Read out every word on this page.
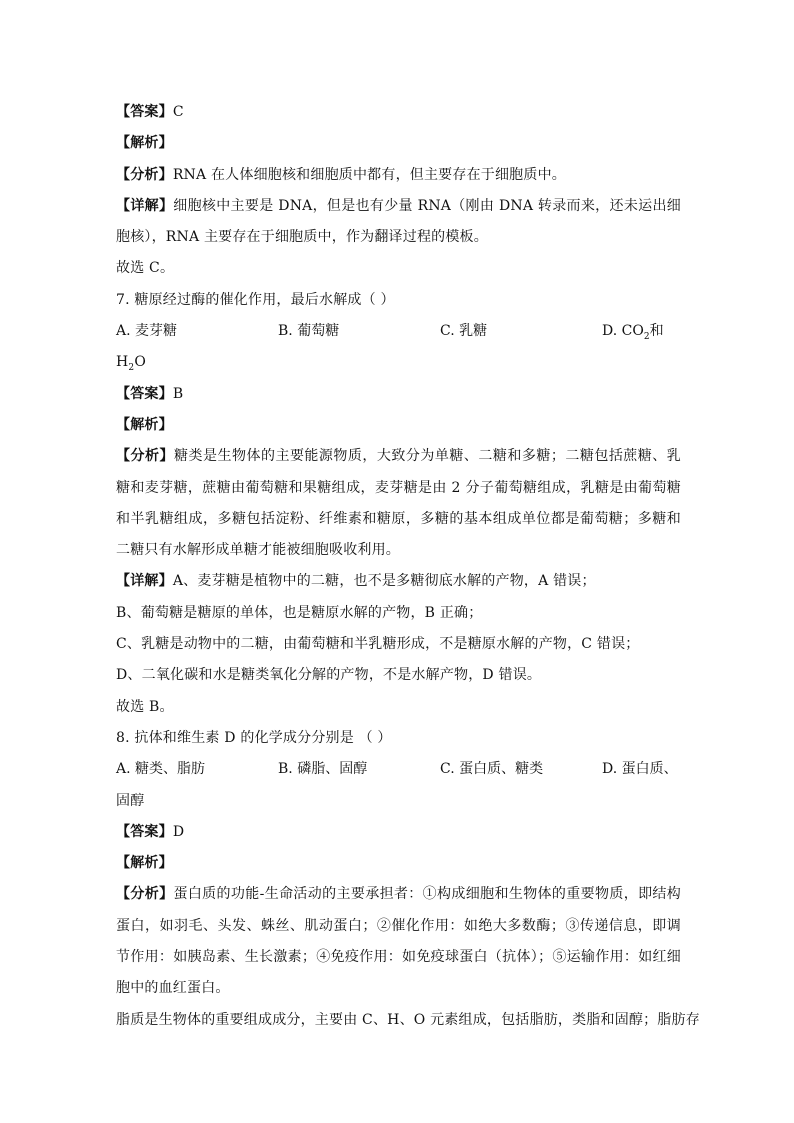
【答案】C
【解析】
【分析】RNA 在人体细胞核和细胞质中都有，但主要存在于细胞质中。
【详解】细胞核中主要是 DNA，但是也有少量 RNA（刚由 DNA 转录而来，还未运出细胞核），RNA 主要存在于细胞质中，作为翻译过程的模板。
故选 C。
7. 糖原经过酶的催化作用，最后水解成（ ）
A. 麦芽糖	B. 葡萄糖	C. 乳糖	D. $CO_2$和
$H_2O$
【答案】B
【解析】
【分析】糖类是生物体的主要能源物质，大致分为单糖、二糖和多糖；二糖包括蔗糖、乳糖和麦芽糖，蔗糖由葡萄糖和果糖组成，麦芽糖是由 2 分子葡萄糖组成，乳糖是由葡萄糖和半乳糖组成，多糖包括淀粉、纤维素和糖原，多糖的基本组成单位都是葡萄糖；多糖和二糖只有水解形成单糖才能被细胞吸收利用。
【详解】A、麦芽糖是植物中的二糖，也不是多糖彻底水解的产物，A 错误；
B、葡萄糖是糖原的单体，也是糖原水解的产物，B 正确；
C、乳糖是动物中的二糖，由葡萄糖和半乳糖形成，不是糖原水解的产物，C 错误；
D、二氧化碳和水是糖类氧化分解的产物，不是水解产物，D 错误。
故选 B。
8. 抗体和维生素 D 的化学成分分别是 （ ）
A. 糖类、脂肪	B. 磷脂、固醇	C. 蛋白质、糖类	D. 蛋白质、
固醇
【答案】D
【解析】
【分析】蛋白质的功能-生命活动的主要承担者：①构成细胞和生物体的重要物质，即结构蛋白，如羽毛、头发、蛛丝、肌动蛋白；②催化作用：如绝大多数酶；③传递信息，即调节作用：如胰岛素、生长激素；④免疫作用：如免疫球蛋白（抗体）；⑤运输作用：如红细胞中的血红蛋白。
脂质是生物体的重要组成成分，主要由 C、H、O 元素组成，包括脂肪，类脂和固醇；脂肪存
